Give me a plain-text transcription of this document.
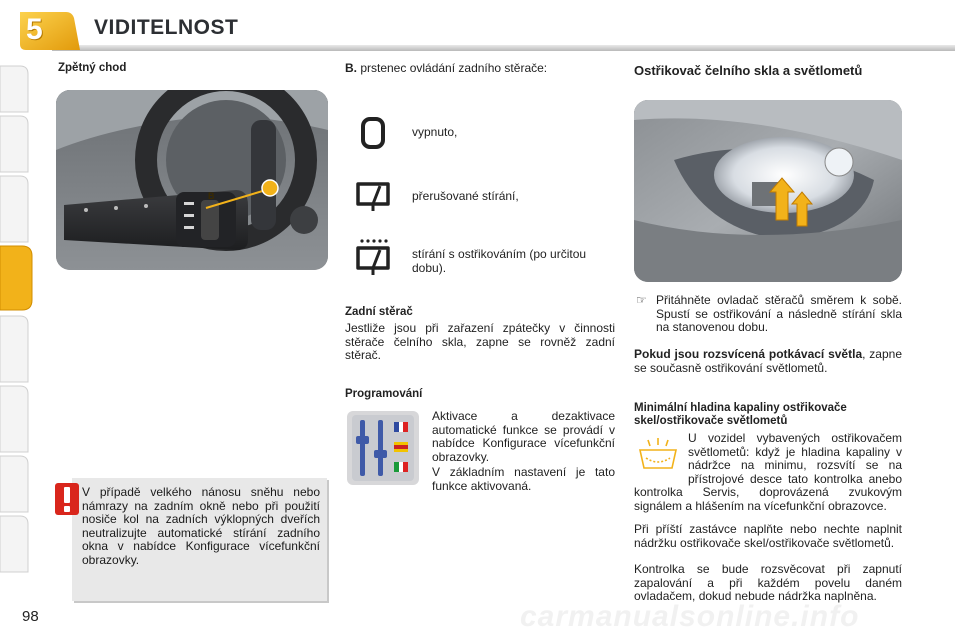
5 VIDITELNOST
Zpětný chod
B
V případě velkého nánosu sněhu nebo námrazy na zadním okně nebo při použití nosiče kol na zadních výklopných dveřích neutralizujte automatické stírání zadního okna v nabídce Konfigurace vícefunkční obrazovky.
B. prstenec ovládání zadního stěrače:
vypnuto,
přerušované stírání,
stírání s ostřikováním (po určitou dobu).
Zadní stěrač
Jestliže jsou při zařazení zpátečky v činnosti stěrače čelního skla, zapne se rovněž zadní stěrač.
Programování
Aktivace a dezaktivace automatické funkce se provádí v nabídce Konfigurace vícefunkční obrazovky.
V základním nastavení je tato funkce aktivovaná.
Ostřikovač čelního skla a světlometů
☞ Přitáhněte ovladač stěračů směrem k sobě. Spustí se ostřikování a následně stírání skla na stanovenou dobu.
Pokud jsou rozsvícená potkávací světla, zapne se současně ostřikování světlometů.
Minimální hladina kapaliny ostřikovače skel/ostřikovače světlometů
U vozidel vybavených ostřikovačem světlometů: když je hladina kapaliny v nádržce na minimu, rozsvítí se na přístrojové desce tato kontrolka anebo kontrolka Servis, doprovázená zvukovým signálem a hlášením na vícefunkční obrazovce.
Při příští zastávce naplňte nebo nechte naplnit nádržku ostřikovače skel/ostřikovače světlometů.
Kontrolka se bude rozsvěcovat při zapnutí zapalování a při každém povelu daném ovladačem, dokud nebude nádržka naplněna.
98	carmanualsonline.info
